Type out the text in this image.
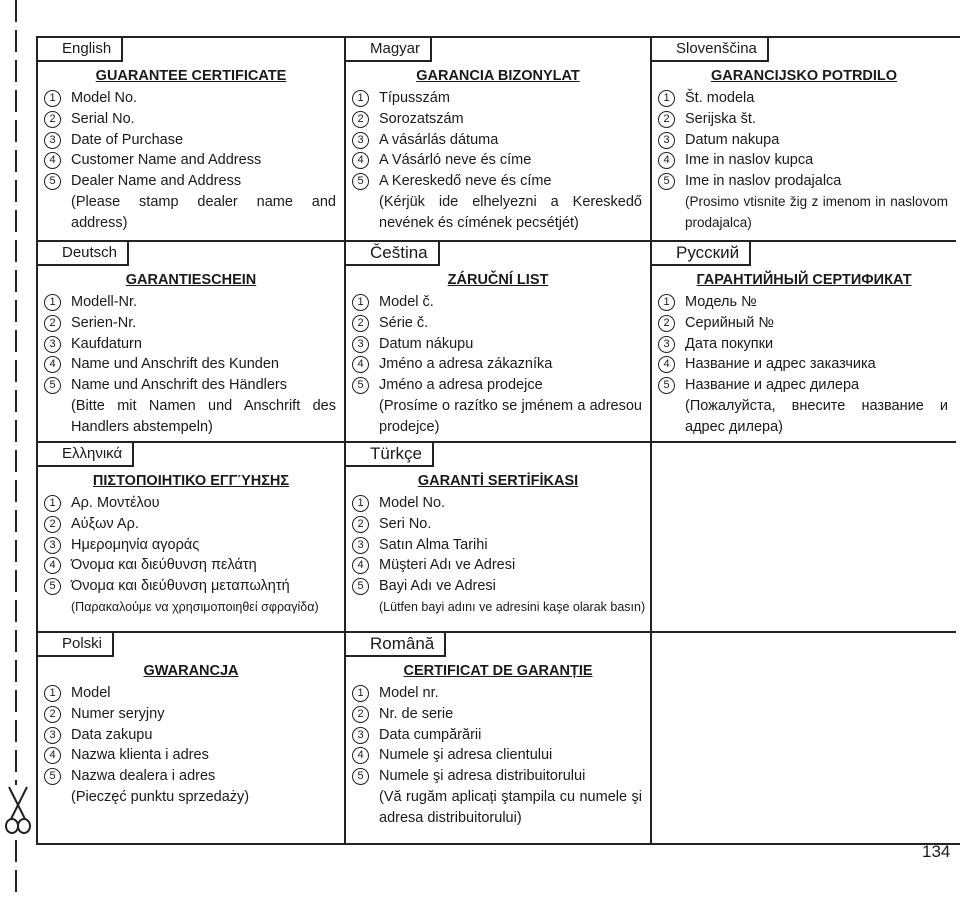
English
GUARANTEE CERTIFICATE
1	Model No.
2	Serial No.
3	Date of Purchase
4	Customer Name and Address
5	Dealer Name and Address
(Please stamp dealer name and address)
Magyar
GARANCIA BIZONYLAT
1	Típusszám
2	Sorozatszám
3	A vásárlás dátuma
4	A Vásárló neve és címe
5	A Kereskedő neve és címe
(Kérjük ide elhelyezni a Kereskedő nevének és címének pecsétjét)
Slovenščina
GARANCIJSKO POTRDILO
1	Št. modela
2	Serijska št.
3	Datum nakupa
4	Ime in naslov kupca
5	Ime in naslov prodajalca
(Prosimo vtisnite žig z imenom in naslovom prodajalca)
Deutsch
GARANTIESCHEIN
1	Modell-Nr.
2	Serien-Nr.
3	Kaufdaturn
4	Name und Anschrift des Kunden
5	Name und Anschrift des Händlers
(Bitte mit Namen und Anschrift des Handlers abstempeln)
Čeština
ZÁRUČNÍ LIST
1	Model č.
2	Série č.
3	Datum nákupu
4	Jméno a adresa zákazníka
5	Jméno a adresa prodejce
(Prosíme o razítko se jménem a adresou prodejce)
Русский
ГАРАНТИЙНЫЙ СЕРТИФИКАТ
1	Модель №
2	Серийный №
3	Дата покупки
4	Название и адрес заказчика
5	Название и адрес дилера
(Пожалуйста, внесите название и адрес дилера)
Ελληνικά
ΠΙΣΤΟΠΟΙΗΤΙΚΟ ΕΓΓΎΗΣΗΣ
1	Αρ. Μοντέλου
2	Αύξων Αρ.
3	Ημερομηνία αγοράς
4	Όνομα και διεύθυνση πελάτη
5	Όνομα και διεύθυνση μεταπωλητή
(Παρακαλούμε να χρησιμοποιηθεί σφραγίδα)
Türkçe
GARANTİ SERTİFİKASI
1	Model No.
2	Seri No.
3	Satın Alma Tarihi
4	Müşteri Adı ve Adresi
5	Bayi Adı ve Adresi
(Lütfen bayi adını ve adresini kaşe olarak basın)
Polski
GWARANCJA
1	Model
2	Numer seryjny
3	Data zakupu
4	Nazwa klienta i adres
5	Nazwa dealera i adres
(Pieczęć punktu sprzedaży)
Română
CERTIFICAT DE GARANȚIE
1	Model nr.
2	Nr. de serie
3	Data cumpărării
4	Numele şi adresa clientului
5	Numele şi adresa distribuitorului
(Vă rugăm aplicați ştampila cu numele şi adresa distribuitorului)
134
